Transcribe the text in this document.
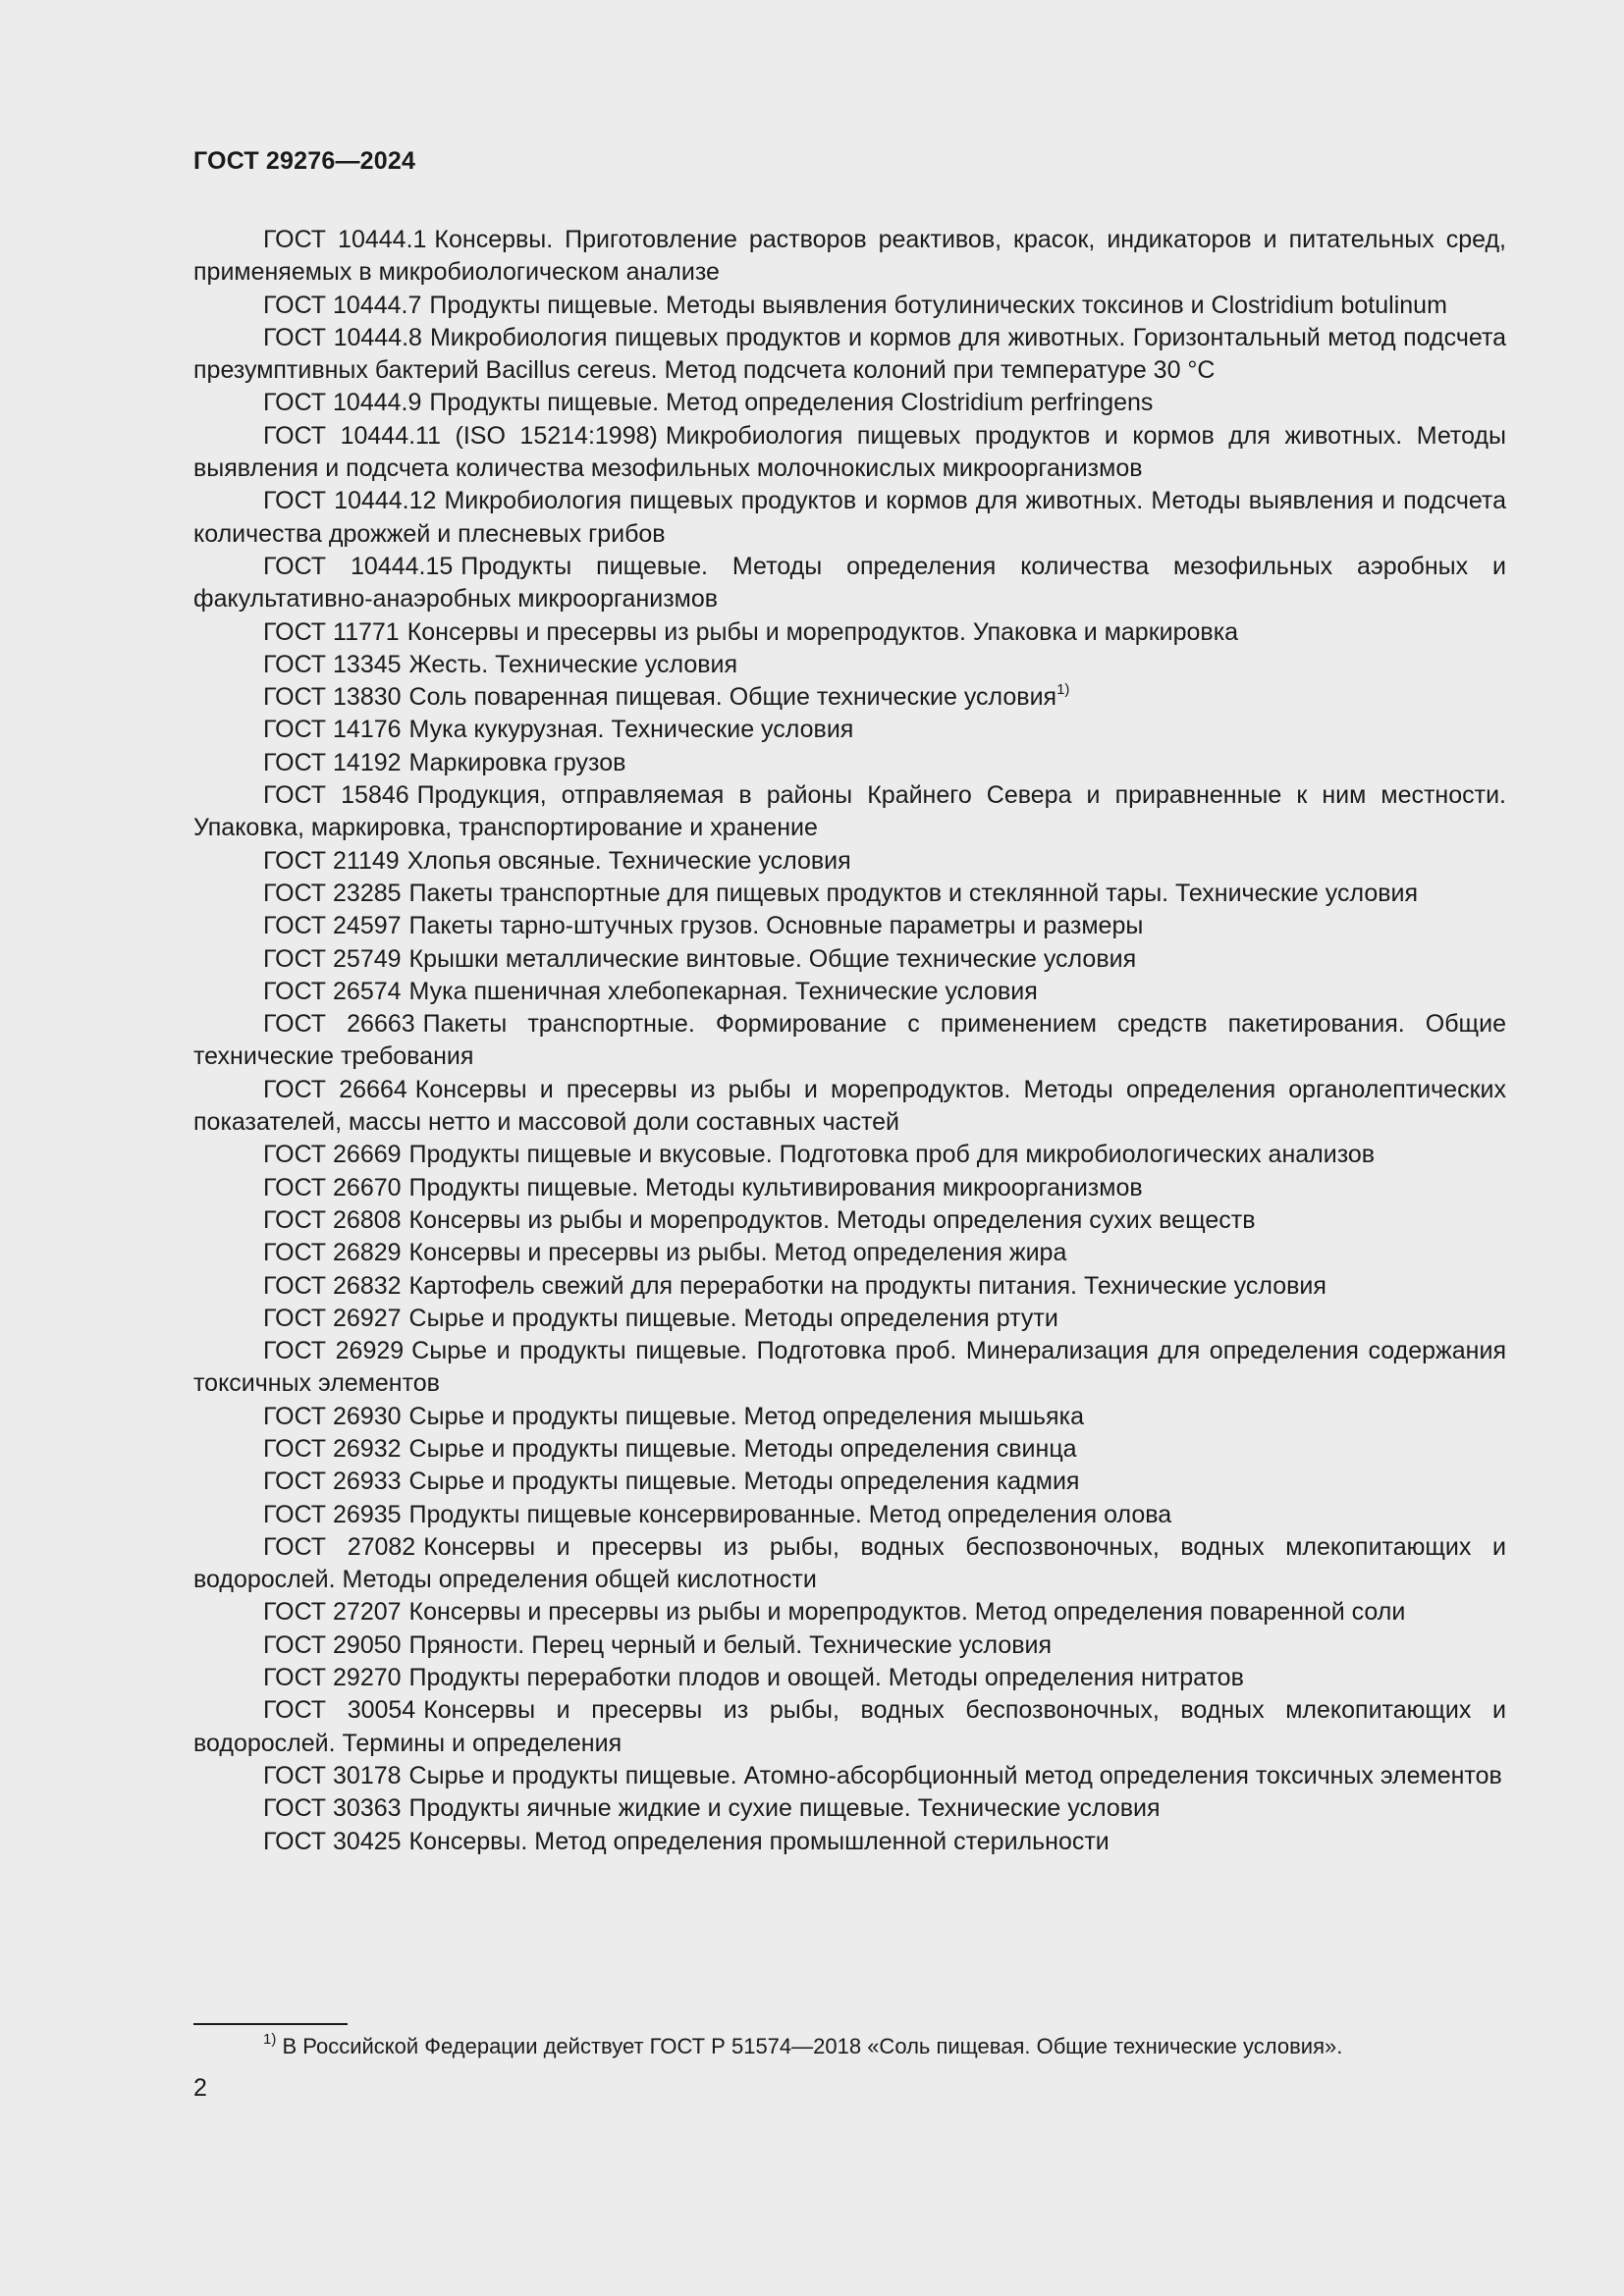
ГОСТ 29276—2024

ГОСТ 10444.1 Консервы. Приготовление растворов реактивов, красок, индикаторов и питательных сред, применяемых в микробиологическом анализе

ГОСТ 10444.7 Продукты пищевые. Методы выявления ботулинических токсинов и Clostridium botulinum

ГОСТ 10444.8 Микробиология пищевых продуктов и кормов для животных. Горизонтальный метод подсчета презумптивных бактерий Bacillus cereus. Метод подсчета колоний при температуре 30 °С

ГОСТ 10444.9 Продукты пищевые. Метод определения Clostridium perfringens

ГОСТ 10444.11 (ISO 15214:1998) Микробиология пищевых продуктов и кормов для животных. Методы выявления и подсчета количества мезофильных молочнокислых микроорганизмов

ГОСТ 10444.12 Микробиология пищевых продуктов и кормов для животных. Методы выявления и подсчета количества дрожжей и плесневых грибов

ГОСТ 10444.15 Продукты пищевые. Методы определения количества мезофильных аэробных и факультативно-анаэробных микроорганизмов

ГОСТ 11771 Консервы и пресервы из рыбы и морепродуктов. Упаковка и маркировка

ГОСТ 13345 Жесть. Технические условия

ГОСТ 13830 Соль поваренная пищевая. Общие технические условия$^{1)}$

ГОСТ 14176 Мука кукурузная. Технические условия

ГОСТ 14192 Маркировка грузов

ГОСТ 15846 Продукция, отправляемая в районы Крайнего Севера и приравненные к ним местности. Упаковка, маркировка, транспортирование и хранение

ГОСТ 21149 Хлопья овсяные. Технические условия

ГОСТ 23285 Пакеты транспортные для пищевых продуктов и стеклянной тары. Технические условия

ГОСТ 24597 Пакеты тарно-штучных грузов. Основные параметры и размеры

ГОСТ 25749 Крышки металлические винтовые. Общие технические условия

ГОСТ 26574 Мука пшеничная хлебопекарная. Технические условия

ГОСТ 26663 Пакеты транспортные. Формирование с применением средств пакетирования. Общие технические требования

ГОСТ 26664 Консервы и пресервы из рыбы и морепродуктов. Методы определения органолептических показателей, массы нетто и массовой доли составных частей

ГОСТ 26669 Продукты пищевые и вкусовые. Подготовка проб для микробиологических анализов

ГОСТ 26670 Продукты пищевые. Методы культивирования микроорганизмов

ГОСТ 26808 Консервы из рыбы и морепродуктов. Методы определения сухих веществ

ГОСТ 26829 Консервы и пресервы из рыбы. Метод определения жира

ГОСТ 26832 Картофель свежий для переработки на продукты питания. Технические условия

ГОСТ 26927 Сырье и продукты пищевые. Методы определения ртути

ГОСТ 26929 Сырье и продукты пищевые. Подготовка проб. Минерализация для определения содержания токсичных элементов

ГОСТ 26930 Сырье и продукты пищевые. Метод определения мышьяка

ГОСТ 26932 Сырье и продукты пищевые. Методы определения свинца

ГОСТ 26933 Сырье и продукты пищевые. Методы определения кадмия

ГОСТ 26935 Продукты пищевые консервированные. Метод определения олова

ГОСТ 27082 Консервы и пресервы из рыбы, водных беспозвоночных, водных млекопитающих и водорослей. Методы определения общей кислотности

ГОСТ 27207 Консервы и пресервы из рыбы и морепродуктов. Метод определения поваренной соли

ГОСТ 29050 Пряности. Перец черный и белый. Технические условия

ГОСТ 29270 Продукты переработки плодов и овощей. Методы определения нитратов

ГОСТ 30054 Консервы и пресервы из рыбы, водных беспозвоночных, водных млекопитающих и водорослей. Термины и определения

ГОСТ 30178 Сырье и продукты пищевые. Атомно-абсорбционный метод определения токсичных элементов

ГОСТ 30363 Продукты яичные жидкие и сухие пищевые. Технические условия

ГОСТ 30425 Консервы. Метод определения промышленной стерильности

$^{1)}$ В Российской Федерации действует ГОСТ Р 51574—2018 «Соль пищевая. Общие технические условия».
2
